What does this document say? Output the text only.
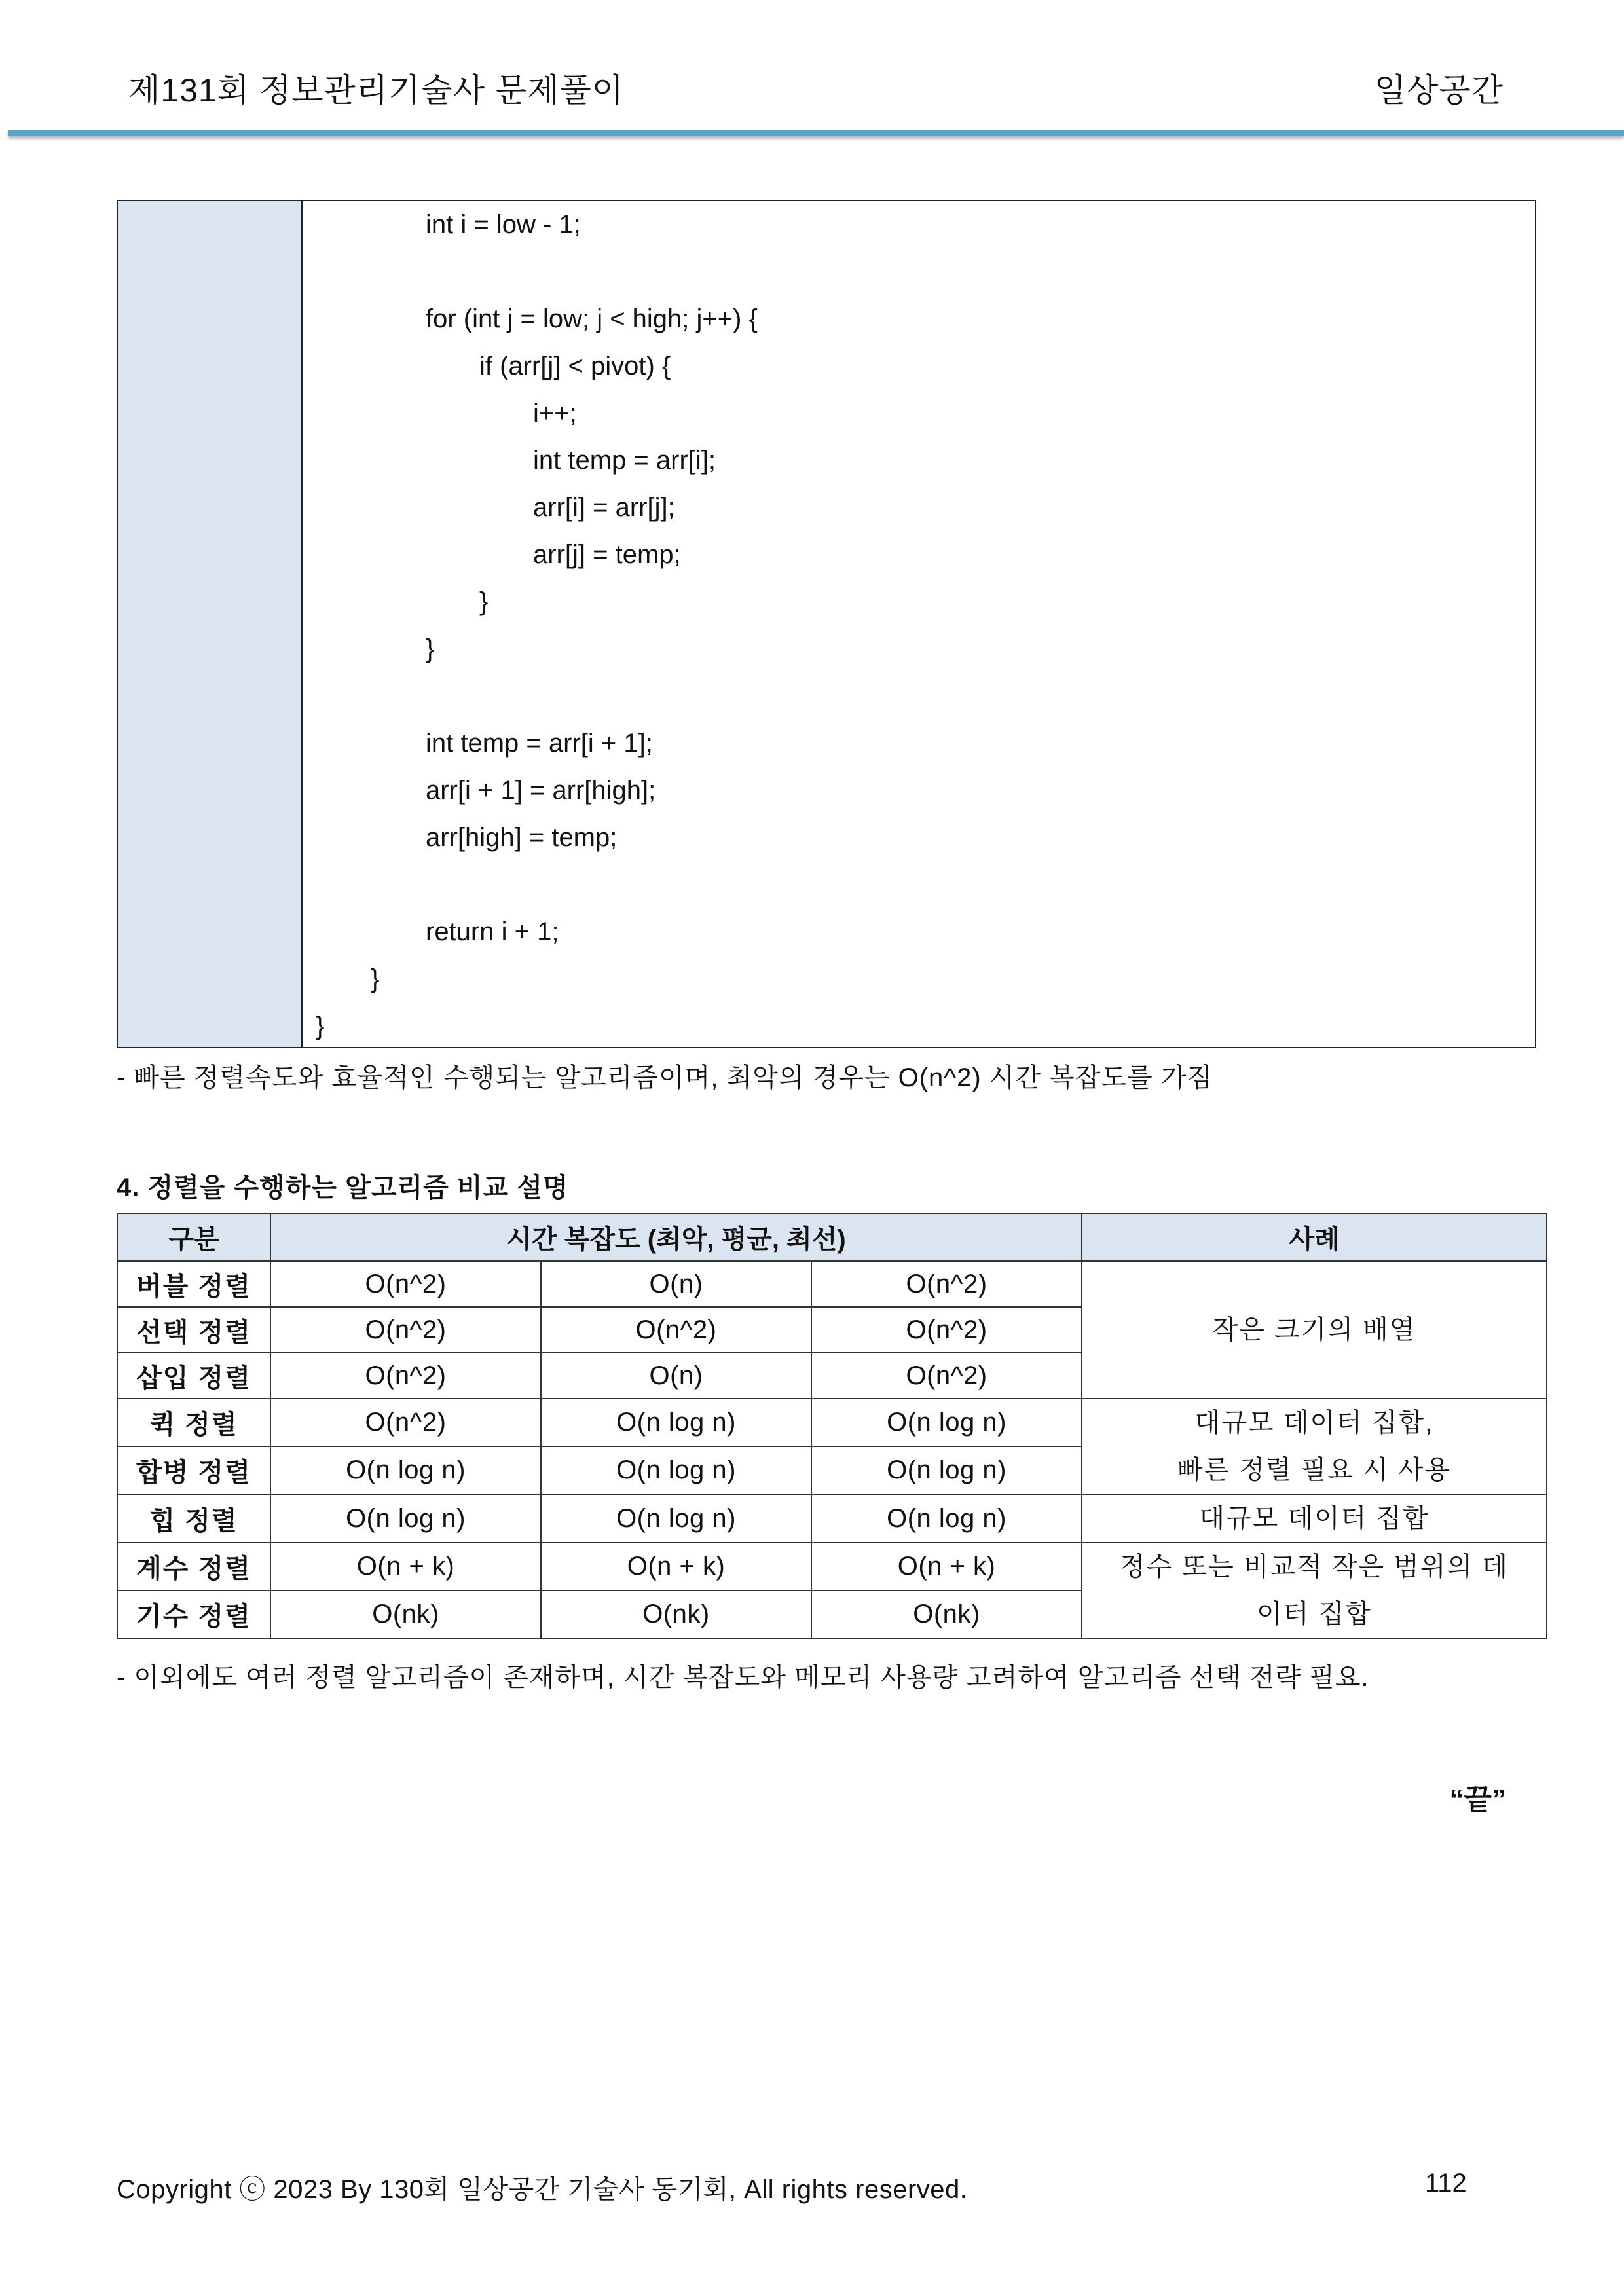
제131회 정보관리기술사 문제풀이	일상공간
int i = low - 1;
for (int j = low; j < high; j++) {
if (arr[j] < pivot) {
i++;
int temp = arr[i];
arr[i] = arr[j];
arr[j] = temp;
}
}
int temp = arr[i + 1];
arr[i + 1] = arr[high];
arr[high] = temp;
return i + 1;
}
}
- 빠른 정렬속도와 효율적인 수행되는 알고리즘이며, 최악의 경우는 O(n^2) 시간 복잡도를 가짐
4. 정렬을 수행하는 알고리즘 비교 설명
구분	시간 복잡도 (최악, 평균, 최선)			사례
버블 정렬	O(n^2)	O(n)	O(n^2)	작은 크기의 배열
선택 정렬	O(n^2)	O(n^2)	O(n^2)	
삽입 정렬	O(n^2)	O(n)	O(n^2)	
퀵 정렬	O(n^2)	O(n log n)	O(n log n)	대규모 데이터 집합,
빠른 정렬 필요 시 사용

합병 정렬	O(n log n)	O(n log n)	O(n log n)	
힙 정렬	O(n log n)	O(n log n)	O(n log n)	대규모 데이터 집합
계수 정렬	O(n + k)	O(n + k)	O(n + k)	정수 또는 비교적 작은 범위의 데
이터 집합

기수 정렬	O(nk)	O(nk)	O(nk)	
- 이외에도 여러 정렬 알고리즘이 존재하며, 시간 복잡도와 메모리 사용량 고려하여 알고리즘 선택 전략 필요.
“끝”
Copyright ⓒ 2023 By 130회 일상공간 기술사 동기회, All rights reserved.	112
